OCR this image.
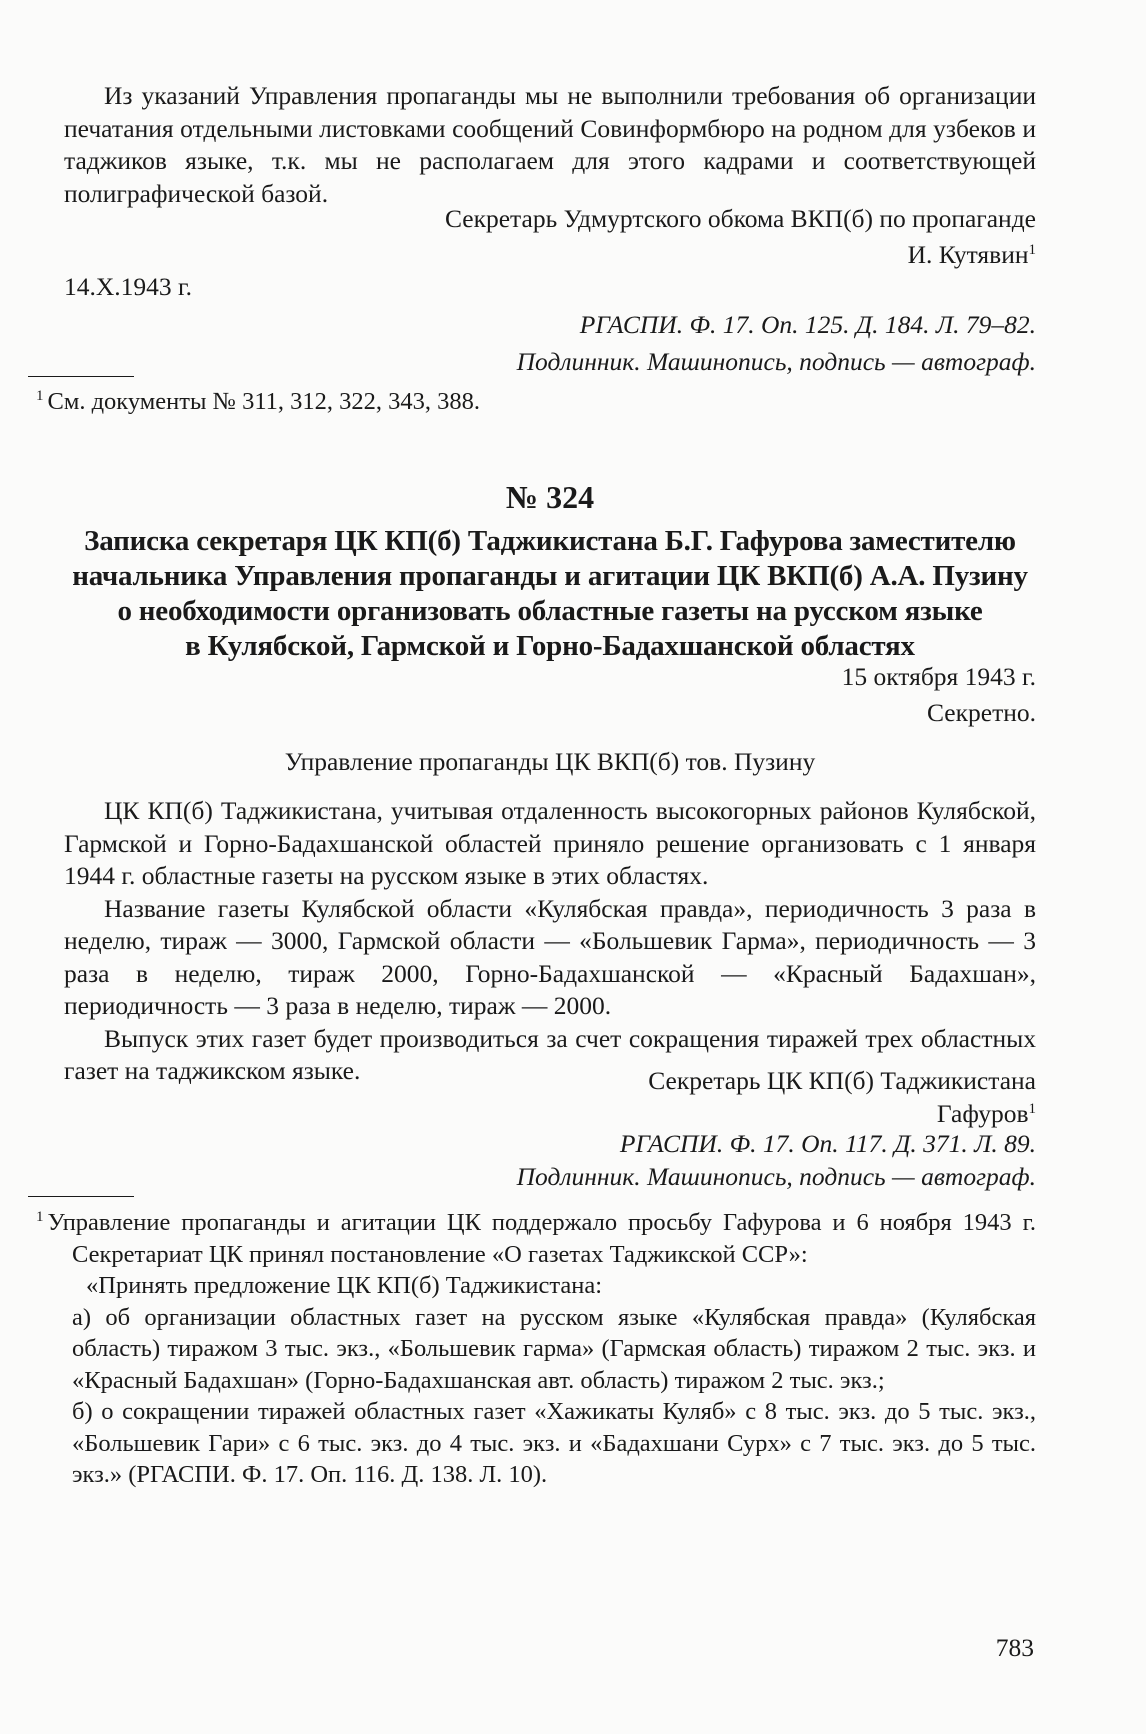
Из указаний Управления пропаганды мы не выполнили требования об организации печатания отдельными листовками сообщений Совинформбюро на родном для узбеков и таджиков языке, т.к. мы не располагаем для этого кадрами и соответствующей полиграфической базой.

Секретарь Удмуртского обкома ВКП(б) по пропаганде

И. Кутявин$^1$

14.X.1943 г.

РГАСПИ. Ф. 17. Оп. 125. Д. 184. Л. 79–82.

Подлинник. Машинопись, подпись — автограф.

$^1$ См. документы № 311, 312, 322, 343, 388.

№ 324

Записка секретаря ЦК КП(б) Таджикистана Б.Г. Гафурова заместителю

начальника Управления пропаганды и агитации ЦК ВКП(б) А.А. Пузину

о необходимости организовать областные газеты на русском языке

в Кулябской, Гармской и Горно-Бадахшанской областях

15 октября 1943 г.

Секретно.

Управление пропаганды ЦК ВКП(б) тов. Пузину

ЦК КП(б) Таджикистана, учитывая отдаленность высокогорных районов Кулябской, Гармской и Горно-Бадахшанской областей приняло решение организовать с 1 января 1944 г. областные газеты на русском языке в этих областях.

Название газеты Кулябской области «Кулябская правда», периодичность 3 раза в неделю, тираж — 3000, Гармской области — «Большевик Гарма», периодичность — 3 раза в неделю, тираж 2000, Горно-Бадахшанской — «Красный Бадахшан», периодичность — 3 раза в неделю, тираж — 2000.

Выпуск этих газет будет производиться за счет сокращения тиражей трех областных газет на таджикском языке.	Секретарь ЦК КП(б) Таджикистана

Гафуров$^1$

РГАСПИ. Ф. 17. Оп. 117. Д. 371. Л. 89.

Подлинник. Машинопись, подпись — автограф.

$^1$ Управление пропаганды и агитации ЦК поддержало просьбу Гафурова и 6 ноября 1943 г. Секретариат ЦК принял постановление «О газетах Таджикской ССР»:

«Принять предложение ЦК КП(б) Таджикистана:

а) об организации областных газет на русском языке «Кулябская правда» (Кулябская область) тиражом 3 тыс. экз., «Большевик гарма» (Гармская область) тиражом 2 тыс. экз. и «Красный Бадахшан» (Горно-Бадахшанская авт. область) тиражом 2 тыс. экз.;

б) о сокращении тиражей областных газет «Хажикаты Куляб» с 8 тыс. экз. до 5 тыс. экз., «Большевик Гари» с 6 тыс. экз. до 4 тыс. экз. и «Бадахшани Сурх» с 7 тыс. экз. до 5 тыс. экз.» (РГАСПИ. Ф. 17. Оп. 116. Д. 138. Л. 10).

783
